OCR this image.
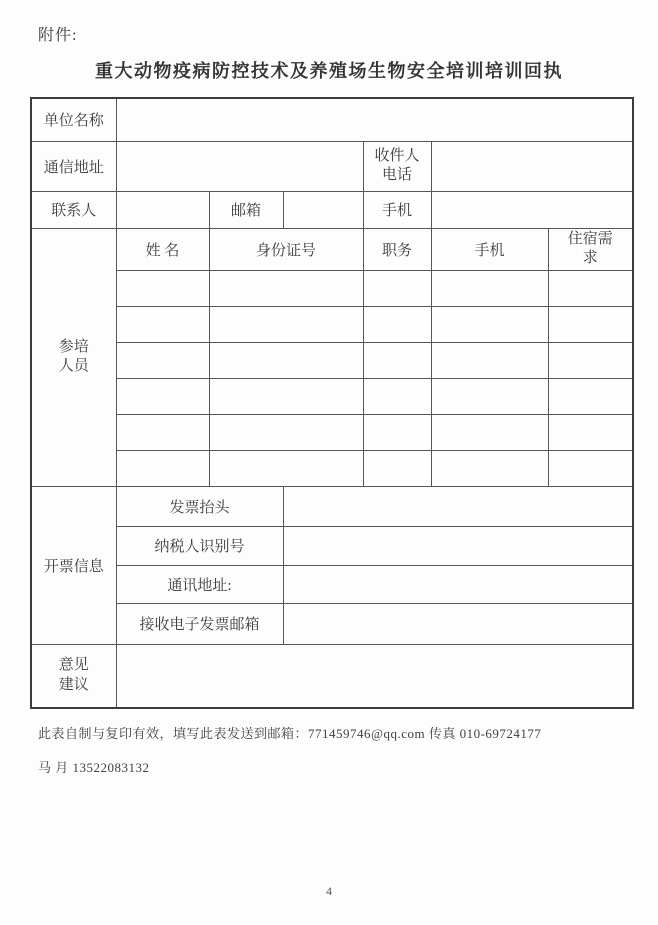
附件:
重大动物疫病防控技术及养殖场生物安全培训培训回执
单位名称						
通信地址				收件人
电话		
联系人		邮箱		手机		
参培
人员	姓 名	身份证号		职务	手机	住宿需
求

开票信息	发票抬头					
	纳税人识别号					
	通讯地址:					
	接收电子发票邮箱					
意见
建议						
此表自制与复印有效，填写此表发送到邮箱：771459746@qq.com 传真 010-69724177
马 月 13522083132
4
